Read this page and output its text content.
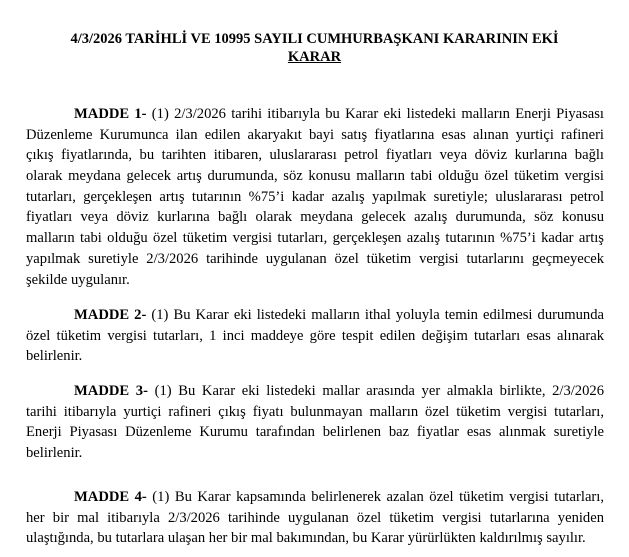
4/3/2026 TARİHLİ VE 10995 SAYILI CUMHURBAŞKANI KARARININ EKİ
KARAR
MADDE 1- (1) 2/3/2026 tarihi itibarıyla bu Karar eki listedeki malların Enerji Piyasası
Düzenleme Kurumunca ilan edilen akaryakıt bayi satış fiyatlarına esas alınan yurtiçi rafineri
çıkış fiyatlarında, bu tarihten itibaren, uluslararası petrol fiyatları veya döviz kurlarına bağlı
olarak meydana gelecek artış durumunda, söz konusu malların tabi olduğu özel tüketim vergisi
tutarları, gerçekleşen artış tutarının %75’i kadar azalış yapılmak suretiyle; uluslararası petrol
fiyatları veya döviz kurlarına bağlı olarak meydana gelecek azalış durumunda, söz konusu
malların tabi olduğu özel tüketim vergisi tutarları, gerçekleşen azalış tutarının %75’i kadar artış
yapılmak suretiyle 2/3/2026 tarihinde uygulanan özel tüketim vergisi tutarlarını geçmeyecek
şekilde uygulanır.
MADDE 2- (1) Bu Karar eki listedeki malların ithal yoluyla temin edilmesi durumunda
özel tüketim vergisi tutarları, 1 inci maddeye göre tespit edilen değişim tutarları esas alınarak
belirlenir.
MADDE 3- (1) Bu Karar eki listedeki mallar arasında yer almakla birlikte, 2/3/2026
tarihi itibarıyla yurtiçi rafineri çıkış fiyatı bulunmayan malların özel tüketim vergisi tutarları,
Enerji Piyasası Düzenleme Kurumu tarafından belirlenen baz fiyatlar esas alınmak suretiyle
belirlenir.
MADDE 4- (1) Bu Karar kapsamında belirlenerek azalan özel tüketim vergisi tutarları,
her bir mal itibarıyla 2/3/2026 tarihinde uygulanan özel tüketim vergisi tutarlarına yeniden
ulaştığında, bu tutarlara ulaşan her bir mal bakımından, bu Karar yürürlükten kaldırılmış sayılır.
